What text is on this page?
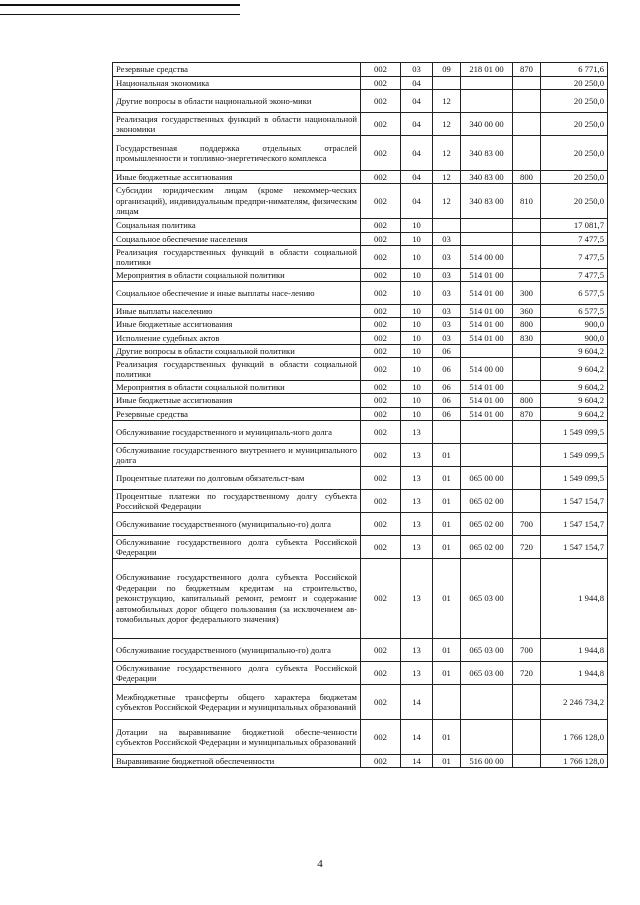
Резервные средства	002	03	09	218 01 00	870	6 771,6

Национальная экономика	002	04				20 250,0

Другие вопросы в области национальной эконо-мики	002	04	12			20 250,0

Реализация государственных функций в области национальной экономики	002	04	12	340 00 00		20 250,0

Государственная поддержка отдельных отраслей промышленности и топливно-энергетического комплекса	002	04	12	340 83 00		20 250,0

Иные бюджетные ассигнования	002	04	12	340 83 00	800	20 250,0

Субсидии юридическим лицам (кроме некоммер-ческих организаций), индивидуальным предпри-нимателям, физическим лицам	002	04	12	340 83 00	810	20 250,0

Социальная политика	002	10				17 081,7

Социальное обеспечение населения	002	10	03			7 477,5

Реализация государственных функций в области социальной политики	002	10	03	514 00 00		7 477,5

Мероприятия в области социальной политики	002	10	03	514 01 00		7 477,5

Социальное обеспечение и иные выплаты насе-лению	002	10	03	514 01 00	300	6 577,5

Иные выплаты населению	002	10	03	514 01 00	360	6 577,5

Иные бюджетные ассигнования	002	10	03	514 01 00	800	900,0

Исполнение судебных актов	002	10	03	514 01 00	830	900,0

Другие вопросы в области социальной политики	002	10	06			9 604,2

Реализация государственных функций в области социальной политики	002	10	06	514 00 00		9 604,2

Мероприятия в области социальной политики	002	10	06	514 01 00		9 604,2

Иные бюджетные ассигнования	002	10	06	514 01 00	800	9 604,2

Резервные средства	002	10	06	514 01 00	870	9 604,2

Обслуживание государственного и муниципаль-ного долга	002	13				1 549 099,5

Обслуживание государственного внутреннего и муниципального долга	002	13	01			1 549 099,5

Процентные платежи по долговым обязательст-вам	002	13	01	065 00 00		1 549 099,5

Процентные платежи по государственному долгу субъекта Российской Федерации	002	13	01	065 02 00		1 547 154,7

Обслуживание государственного (муниципально-го) долга	002	13	01	065 02 00	700	1 547 154,7

Обслуживание государственного долга субъекта Российской Федерации	002	13	01	065 02 00	720	1 547 154,7

Обслуживание государственного долга субъекта Российской Федерации по бюджетным кредитам на строительство, реконструкцию, капитальный ремонт, ремонт и содержание автомобильных дорог общего пользования (за исключением ав-томобильных дорог федерального значения)	002	13	01	065 03 00		1 944,8

Обслуживание государственного (муниципально-го) долга	002	13	01	065 03 00	700	1 944,8

Обслуживание государственного долга субъекта Российской Федерации	002	13	01	065 03 00	720	1 944,8

Межбюджетные трансферты общего характера бюджетам субъектов Российской Федерации и муниципальных образований	002	14				2 246 734,2

Дотации на выравнивание бюджетной обеспе-ченности субъектов Российской Федерации и муниципальных образований	002	14	01			1 766 128,0

Выравнивание бюджетной обеспеченности	002	14	01	516 00 00		1 766 128,0
4
